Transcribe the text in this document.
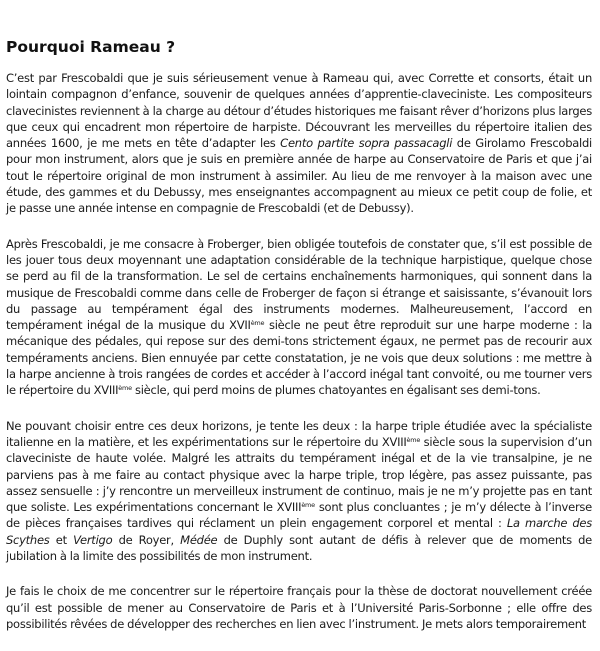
Pourquoi Rameau ?

C’est par Frescobaldi que je suis sérieusement venue à Rameau qui, avec Corrette et consorts, était un lointain compagnon d’enfance, souvenir de quelques années d’apprentie-claveciniste. Les compositeurs clavecinistes reviennent à la charge au détour d’études historiques me faisant rêver d’horizons plus larges que ceux qui encadrent mon répertoire de harpiste. Découvrant les merveilles du répertoire italien des années 1600, je me mets en tête d’adapter les Cento partite sopra passacagli de Girolamo Frescobaldi pour mon instrument, alors que je suis en première année de harpe au Conservatoire de Paris et que j’ai tout le répertoire original de mon instrument à assimiler. Au lieu de me renvoyer à la maison avec une étude, des gammes et du Debussy, mes enseignantes accompagnent au mieux ce petit coup de folie, et je passe une année intense en compagnie de Frescobaldi (et de Debussy).

Après Frescobaldi, je me consacre à Froberger, bien obligée toutefois de constater que, s’il est possible de les jouer tous deux moyennant une adaptation considérable de la technique harpistique, quelque chose se perd au fil de la transformation. Le sel de certains enchaînements harmoniques, qui sonnent dans la musique de Frescobaldi comme dans celle de Froberger de façon si étrange et saisissante, s’évanouit lors du passage au tempérament égal des instruments modernes. Malheureusement, l’accord en tempérament inégal de la musique du XVIIème siècle ne peut être reproduit sur une harpe moderne : la mécanique des pédales, qui repose sur des demi-tons strictement égaux, ne permet pas de recourir aux tempéraments anciens. Bien ennuyée par cette constatation, je ne vois que deux solutions : me mettre à la harpe ancienne à trois rangées de cordes et accéder à l’accord inégal tant convoité, ou me tourner vers le répertoire du XVIIIème siècle, qui perd moins de plumes chatoyantes en égalisant ses demi-tons.

Ne pouvant choisir entre ces deux horizons, je tente les deux : la harpe triple étudiée avec la spécialiste italienne en la matière, et les expérimentations sur le répertoire du XVIIIème siècle sous la supervision d’un claveciniste de haute volée. Malgré les attraits du tempérament inégal et de la vie transalpine, je ne parviens pas à me faire au contact physique avec la harpe triple, trop légère, pas assez puissante, pas assez sensuelle : j’y rencontre un merveilleux instrument de continuo, mais je ne m’y projette pas en tant que soliste. Les expérimentations concernant le XVIIIème sont plus concluantes ; je m’y délecte à l’inverse de pièces françaises tardives qui réclament un plein engagement corporel et mental : La marche des Scythes et Vertigo de Royer, Médée de Duphly sont autant de défis à relever que de moments de jubilation à la limite des possibilités de mon instrument.

Je fais le choix de me concentrer sur le répertoire français pour la thèse de doctorat nouvellement créée qu’il est possible de mener au Conservatoire de Paris et à l’Université Paris-Sorbonne ; elle offre des possibilités rêvées de développer des recherches en lien avec l’instrument. Je mets alors temporairement
